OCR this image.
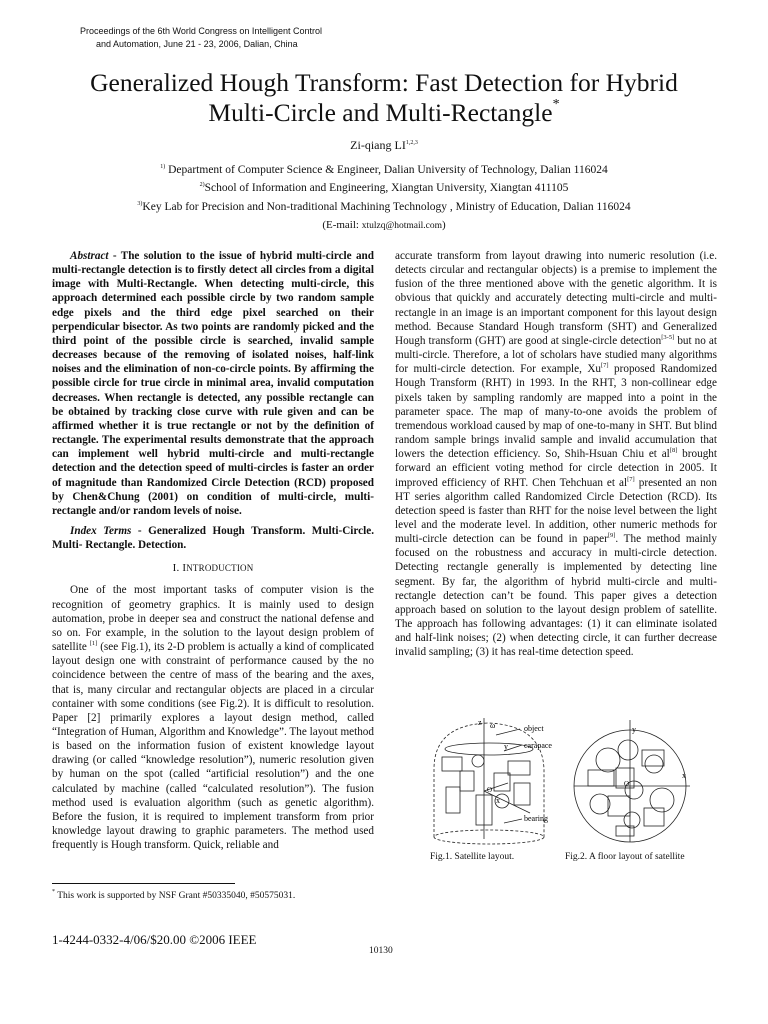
Proceedings of the 6th World Congress on Intelligent Control
and Automation, June 21 - 23, 2006, Dalian, China
Generalized Hough Transform: Fast Detection for Hybrid
Multi-Circle and Multi-Rectangle*
Zi-qiang LI$^{1,2,3}$
$^{1)}$ Department of Computer Science & Engineer, Dalian University of Technology, Dalian 116024
$^{2)}$School of Information and Engineering, Xiangtan University, Xiangtan 411105
$^{3)}$Key Lab for Precision and Non-traditional Machining Technology , Ministry of Education, Dalian 116024
(E-mail: xtulzq@hotmail.com)

Abstract - The solution to the issue of hybrid multi-circle and multi-rectangle detection is to firstly detect all circles from a digital image with Multi-Rectangle. When detecting multi-circle, this approach determined each possible circle by two random sample edge pixels and the third edge pixel searched on their perpendicular bisector. As two points are randomly picked and the third point of the possible circle is searched, invalid sample decreases because of the removing of isolated noises, half-link noises and the elimination of non-co-circle points. By affirming the possible circle for true circle in minimal area, invalid computation decreases. When rectangle is detected, any possible rectangle can be obtained by tracking close curve with rule given and can be affirmed whether it is true rectangle or not by the definition of rectangle. The experimental results demonstrate that the approach can implement well hybrid multi-circle and multi-rectangle detection and the detection speed of multi-circles is faster an order of magnitude than Randomized Circle Detection (RCD) proposed by Chen&Chung (2001) on condition of multi-circle, multi-rectangle and/or random levels of noise.

Index Terms - Generalized Hough Transform. Multi-Circle. Multi- Rectangle. Detection.

I. INTRODUCTION

One of the most important tasks of computer vision is the recognition of geometry graphics. It is mainly used to design automation, probe in deeper sea and construct the national defense and so on. For example, in the solution to the layout design problem of satellite [1] (see Fig.1), its 2-D problem is actually a kind of complicated layout design one with constraint of performance caused by the no coincidence between the centre of mass of the bearing and the axes, that is, many circular and rectangular objects are placed in a circular container with some conditions (see Fig.2). It is difficult to resolution. Paper [2] primarily explores a layout design method, called “Integration of Human, Algorithm and Knowledge”. The layout method is based on the information fusion of existent knowledge layout drawing (or called “knowledge resolution”), numeric resolution given by human on the spot (called “artificial resolution”) and the one calculated by machine (called “calculated resolution”). The fusion method used is evaluation algorithm (such as genetic algorithm). Before the fusion, it is required to implement transform from prior knowledge layout drawing to graphic parameters. The method used frequently is Hough transform. Quick, reliable and

accurate transform from layout drawing into numeric resolution (i.e. detects circular and rectangular objects) is a premise to implement the fusion of the three mentioned above with the genetic algorithm. It is obvious that quickly and accurately detecting multi-circle and multi-rectangle in an image is an important component for this layout design method. Because Standard Hough transform (SHT) and Generalized Hough transform (GHT) are good at single-circle detection[3-5] but no at multi-circle. Therefore, a lot of scholars have studied many algorithms for multi-circle detection. For example, Xu[7] proposed Randomized Hough Transform (RHT) in 1993. In the RHT, 3 non-collinear edge pixels taken by sampling randomly are mapped into a point in the parameter space. The map of many-to-one avoids the problem of tremendous workload caused by map of one-to-many in SHT. But blind random sample brings invalid sample and invalid accumulation that lowers the detection efficiency. So, Shih-Hsuan Chiu et al[8] brought forward an efficient voting method for circle detection in 2005. It improved efficiency of RHT. Chen Tehchuan et al[7] presented an non HT series algorithm called Randomized Circle Detection (RCD). Its detection speed is faster than RHT for the noise level between the light level and the moderate level. In addition, other numeric methods for multi-circle detection can be found in paper[9]. The method mainly focused on the robustness and accuracy in multi-circle detection. Detecting rectangle generally is implemented by detecting line segment. By far, the algorithm of hybrid multi-circle and multi-rectangle detection can’t be found. This paper gives a detection approach based on solution to the layout design problem of satellite. The approach has following advantages: (1) it can eliminate isolated and half-link noises; (2) when detecting circle, it can further decrease invalid sampling; (3) it has real-time detection speed.

z ω
y
object
carapace
x
O
bearing
y
x
O
Fig.1. Satellite layout.	Fig.2. A floor layout of satellite
* This work is supported by NSF Grant #50335040, #50575031.
1-4244-0332-4/06/$20.00 ©2006 IEEE
10130
